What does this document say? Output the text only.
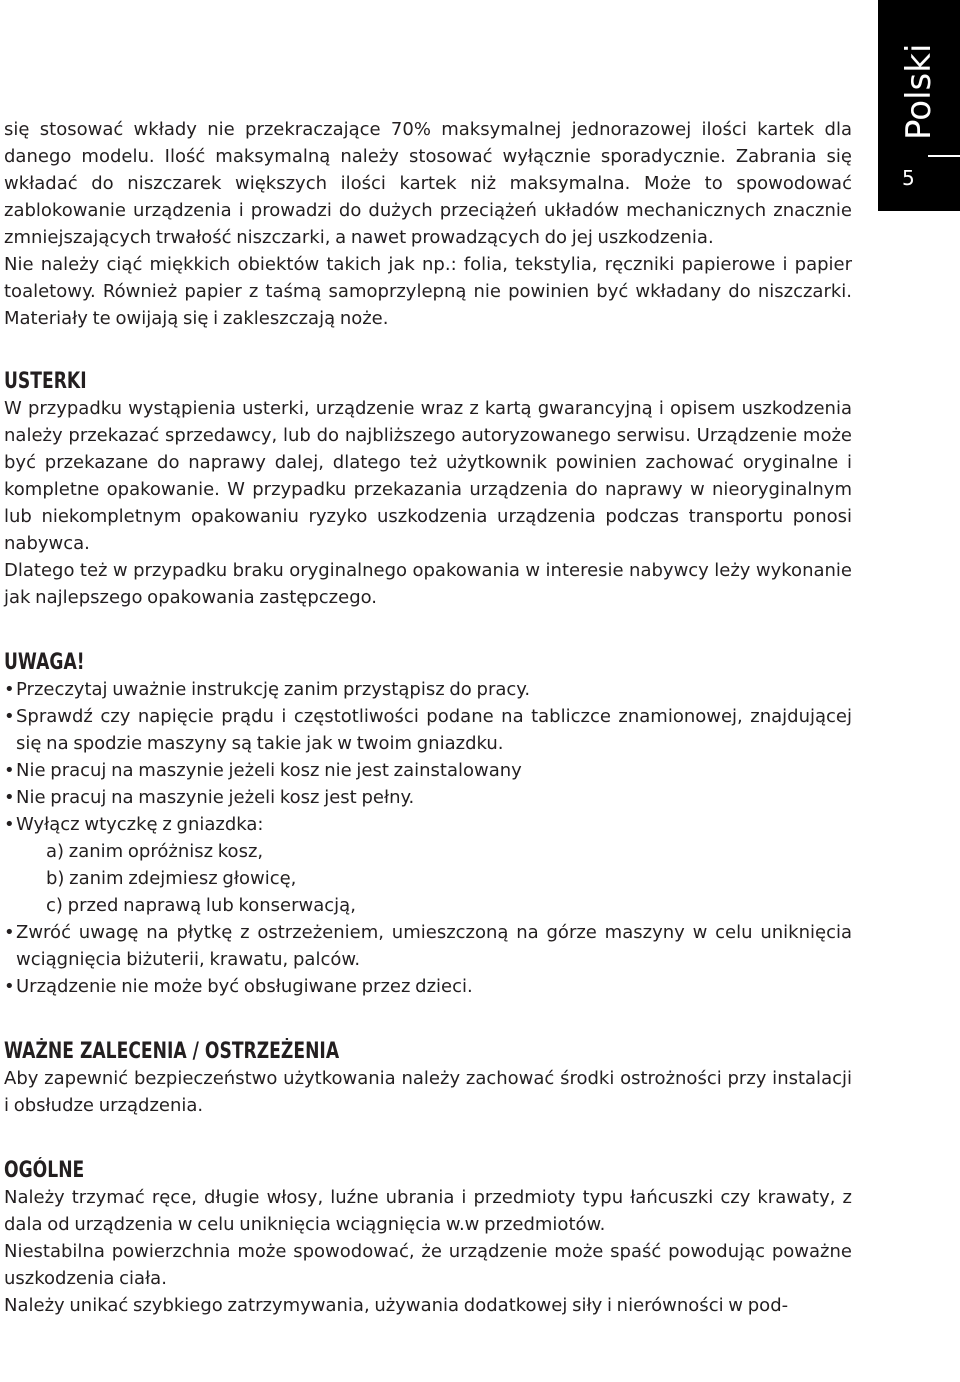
Polski
5

się stosować wkłady nie przekraczające 70% maksymalnej jednorazowej ilości kartek dla danego modelu. Ilość maksymalną należy stosować wyłącznie sporadycznie. Zabrania się wkładać do niszczarek większych ilości kartek niż maksymalna. Może to spowodować zablokowanie urządzenia i prowadzi do dużych przeciążeń układów mechanicznych znacznie zmniejszających trwałość niszczarki, a nawet prowadzących do jej uszkodzenia.

Nie należy ciąć miękkich obiektów takich jak np.: folia, tekstylia, ręczniki papierowe i papier toaletowy. Również papier z taśmą samoprzylepną nie powinien być wkładany do niszczarki. Materiały te owijają się i zakleszczają noże.

USTERKI

W przypadku wystąpienia usterki, urządzenie wraz z kartą gwarancyjną i opisem uszkodzenia należy przekazać sprzedawcy, lub do najbliższego autoryzowanego serwisu. Urządzenie może być przekazane do naprawy dalej, dlatego też użytkownik powinien zachować oryginalne i kompletne opakowanie. W przypadku przekazania urządzenia do naprawy w nieoryginalnym lub niekompletnym opakowaniu ryzyko uszkodzenia urządzenia podczas transportu ponosi nabywca.

Dlatego też w przypadku braku oryginalnego opakowania w interesie nabywcy leży wykonanie jak najlepszego opakowania zastępczego.

UWAGA!
• Przeczytaj uważnie instrukcję zanim przystąpisz do pracy.
• Sprawdź czy napięcie prądu i częstotliwości podane na tabliczce znamionowej, znajdującej się na spodzie maszyny są takie jak w twoim gniazdku.
• Nie pracuj na maszynie jeżeli kosz nie jest zainstalowany
• Nie pracuj na maszynie jeżeli kosz jest pełny.
• Wyłącz wtyczkę z gniazdka:
a) zanim opróżnisz kosz,
b) zanim zdejmiesz głowicę,
c) przed naprawą lub konserwacją,
• Zwróć uwagę na płytkę z ostrzeżeniem, umieszczoną na górze maszyny w celu uniknięcia wciągnięcia biżuterii, krawatu, palców.
• Urządzenie nie może być obsługiwane przez dzieci.
WAŻNE ZALECENIA / OSTRZEŻENIA

Aby zapewnić bezpieczeństwo użytkowania należy zachować środki ostrożności przy instalacji i obsłudze urządzenia.

OGÓLNE

Należy trzymać ręce, długie włosy, luźne ubrania i przedmioty typu łańcuszki czy krawaty, z dala od urządzenia w celu uniknięcia wciągnięcia w.w przedmiotów.

Niestabilna powierzchnia może spowodować, że urządzenie może spaść powodując poważne uszkodzenia ciała.

Należy unikać szybkiego zatrzymywania, używania dodatkowej siły i nierówności w pod-
